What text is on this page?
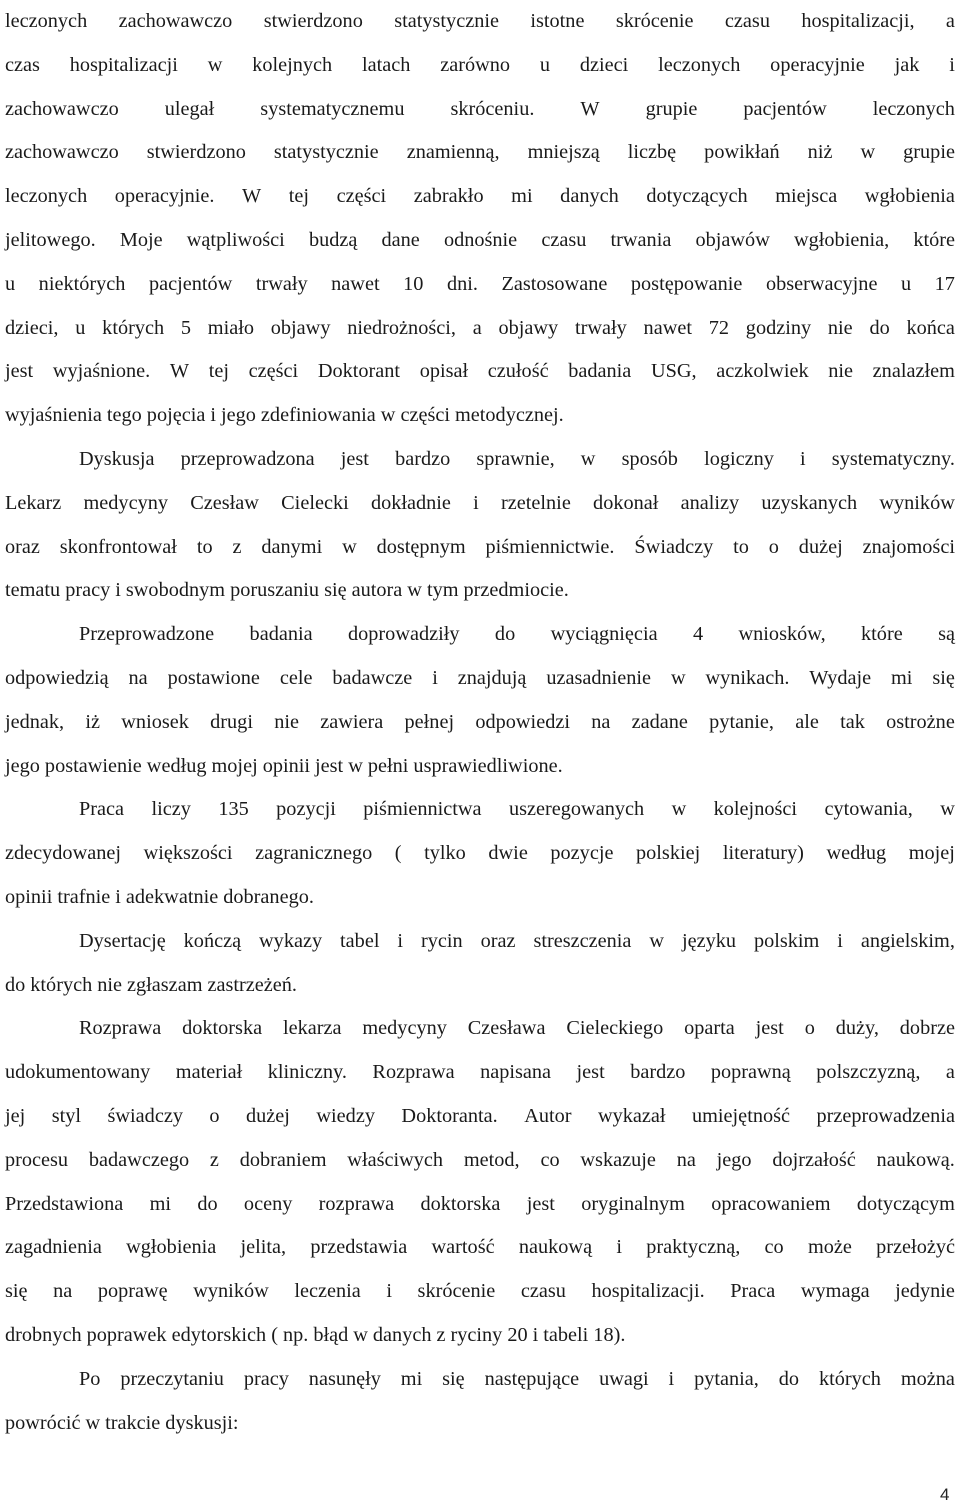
leczonych zachowawczo stwierdzono statystycznie istotne skrócenie czasu hospitalizacji, a
czas hospitalizacji w kolejnych latach zarówno u dzieci leczonych operacyjnie jak i
zachowawczo ulegał systematycznemu skróceniu. W grupie pacjentów leczonych
zachowawczo stwierdzono statystycznie znamienną, mniejszą liczbę powikłań niż w grupie
leczonych operacyjnie. W tej części zabrakło mi danych dotyczących miejsca wgłobienia
jelitowego. Moje wątpliwości budzą dane odnośnie czasu trwania objawów wgłobienia, które
u niektórych pacjentów trwały nawet 10 dni. Zastosowane postępowanie obserwacyjne u 17
dzieci, u których 5 miało objawy niedrożności, a objawy trwały nawet 72 godziny nie do końca
jest wyjaśnione. W tej części Doktorant opisał czułość badania USG, aczkolwiek nie znalazłem
wyjaśnienia tego pojęcia i jego zdefiniowania w części metodycznej.
Dyskusja przeprowadzona jest bardzo sprawnie, w sposób logiczny i systematyczny.
Lekarz medycyny Czesław Cielecki dokładnie i rzetelnie dokonał analizy uzyskanych wyników
oraz skonfrontował to z danymi w dostępnym piśmiennictwie. Świadczy to o dużej znajomości
tematu pracy i swobodnym poruszaniu się autora w tym przedmiocie.
Przeprowadzone badania doprowadziły do wyciągnięcia 4 wniosków, które są
odpowiedzią na postawione cele badawcze i znajdują uzasadnienie w wynikach. Wydaje mi się
jednak, iż wniosek drugi nie zawiera pełnej odpowiedzi na zadane pytanie, ale tak ostrożne
jego postawienie według mojej opinii jest w pełni usprawiedliwione.
Praca liczy 135 pozycji piśmiennictwa uszeregowanych w kolejności cytowania, w
zdecydowanej większości zagranicznego ( tylko dwie pozycje polskiej literatury) według mojej
opinii trafnie i adekwatnie dobranego.
Dysertację kończą wykazy tabel i rycin oraz streszczenia w języku polskim i angielskim,
do których nie zgłaszam zastrzeżeń.
Rozprawa doktorska lekarza medycyny Czesława Cieleckiego oparta jest o duży, dobrze
udokumentowany materiał kliniczny. Rozprawa napisana jest bardzo poprawną polszczyzną, a
jej styl świadczy o dużej wiedzy Doktoranta. Autor wykazał umiejętność przeprowadzenia
procesu badawczego z dobraniem właściwych metod, co wskazuje na jego dojrzałość naukową.
Przedstawiona mi do oceny rozprawa doktorska jest oryginalnym opracowaniem dotyczącym
zagadnienia wgłobienia jelita, przedstawia wartość naukową i praktyczną, co może przełożyć
się na poprawę wyników leczenia i skrócenie czasu hospitalizacji. Praca wymaga jedynie
drobnych poprawek edytorskich ( np. błąd w danych z ryciny 20 i tabeli 18).
Po przeczytaniu pracy nasunęły mi się następujące uwagi i pytania, do których można
powrócić w trakcie dyskusji:
4
